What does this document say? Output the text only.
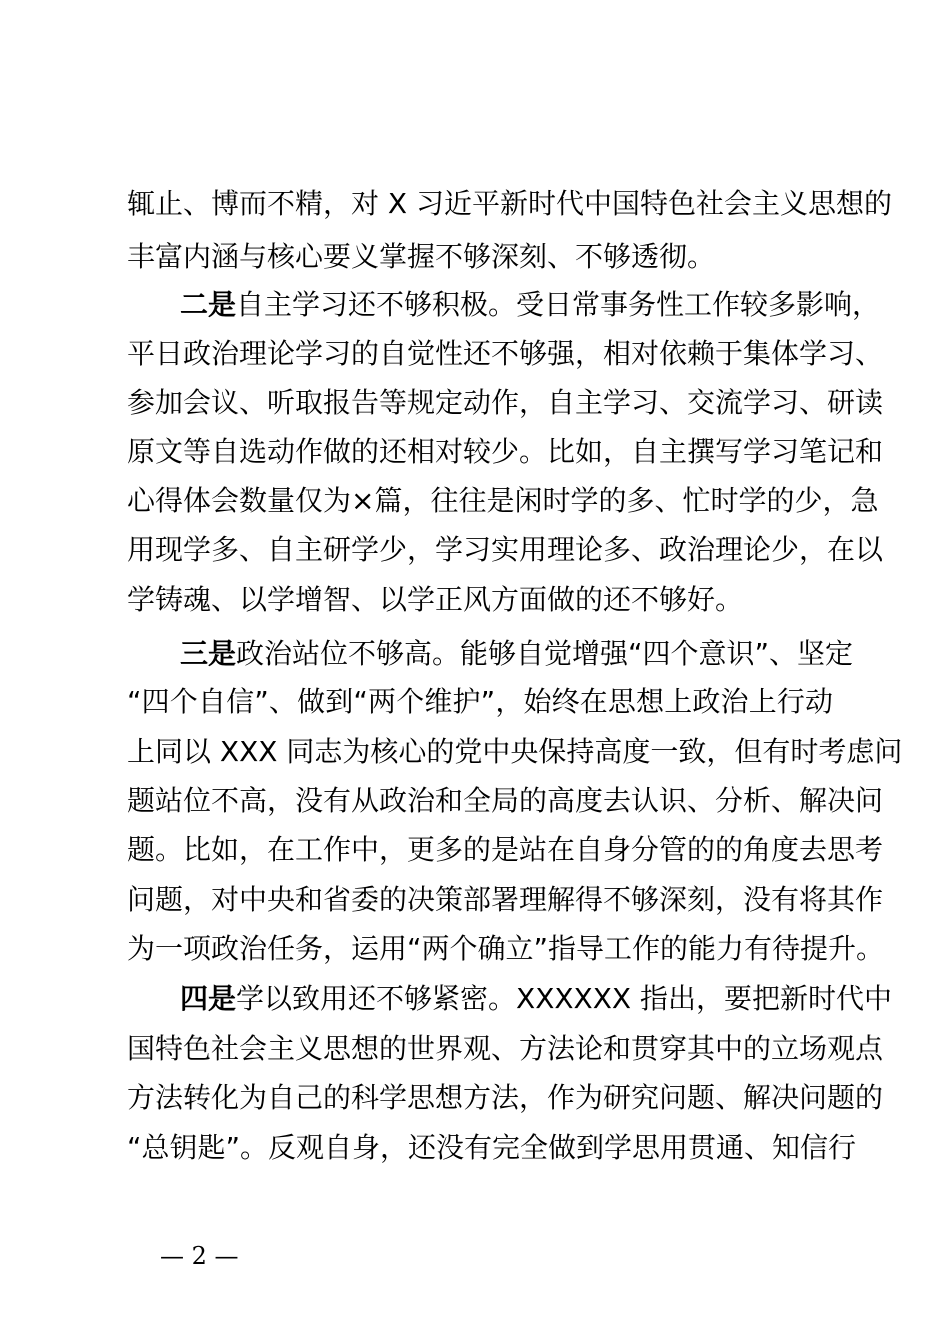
辄止、博而不精，对 X 习近平新时代中国特色社会主义思想的
丰富内涵与核心要义掌握不够深刻、不够透彻。
二是自主学习还不够积极。受日常事务性工作较多影响，
平日政治理论学习的自觉性还不够强，相对依赖于集体学习、
参加会议、听取报告等规定动作，自主学习、交流学习、研读
原文等自选动作做的还相对较少。比如，自主撰写学习笔记和
心得体会数量仅为×篇，往往是闲时学的多、忙时学的少，急
用现学多、自主研学少，学习实用理论多、政治理论少，在以
学铸魂、以学增智、以学正风方面做的还不够好。
三是政治站位不够高。能够自觉增强“四个意识”、坚定
“四个自信”、做到“两个维护”，始终在思想上政治上行动
上同以 XXX 同志为核心的党中央保持高度一致，但有时考虑问
题站位不高，没有从政治和全局的高度去认识、分析、解决问
题。比如，在工作中，更多的是站在自身分管的的角度去思考
问题，对中央和省委的决策部署理解得不够深刻，没有将其作
为一项政治任务，运用“两个确立”指导工作的能力有待提升。
四是学以致用还不够紧密。XXXXXX 指出，要把新时代中
国特色社会主义思想的世界观、方法论和贯穿其中的立场观点
方法转化为自己的科学思想方法，作为研究问题、解决问题的
“总钥匙”。反观自身，还没有完全做到学思用贯通、知信行
— 2 —
